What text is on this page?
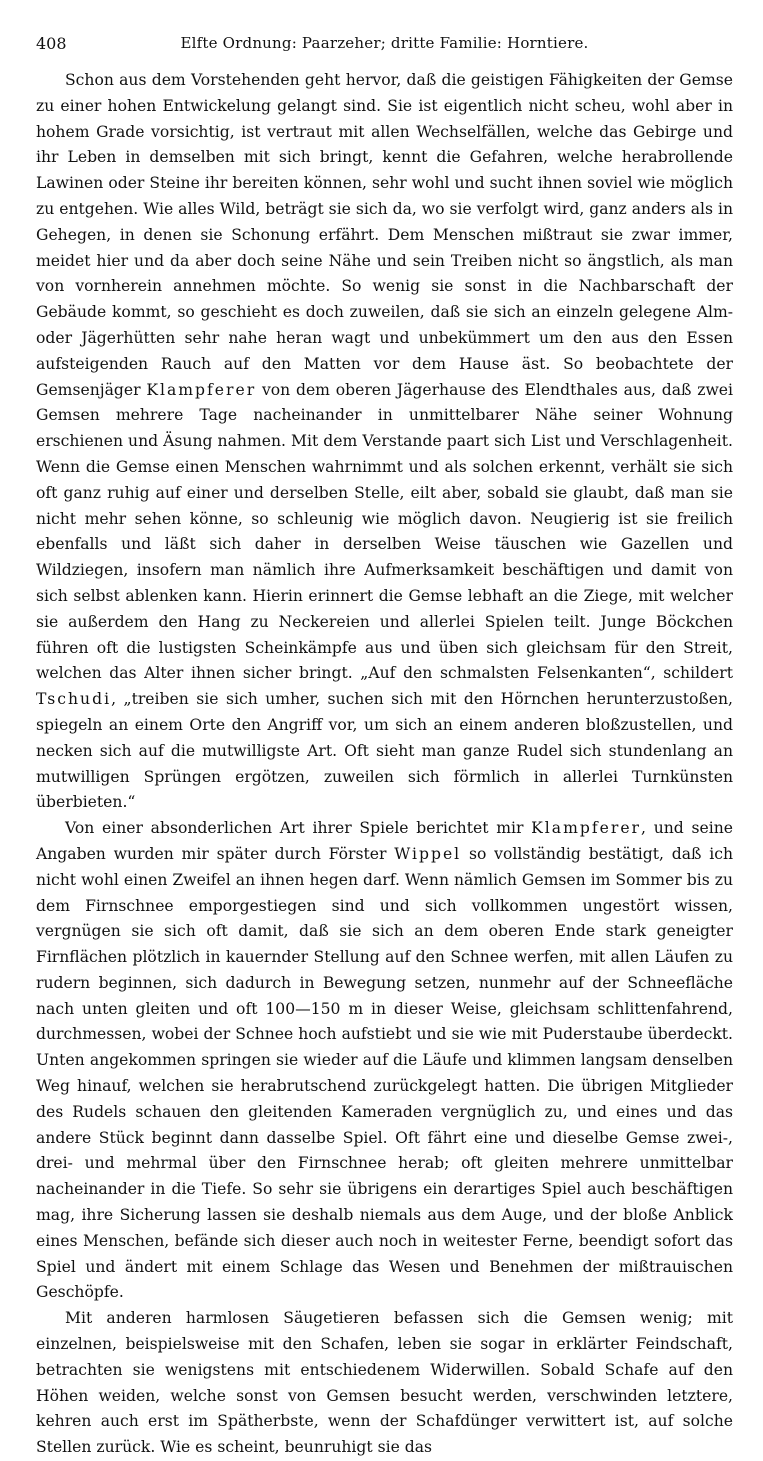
408	Elfte Ordnung: Paarzeher; dritte Familie: Horntiere.

Schon aus dem Vorstehenden geht hervor, daß die geistigen Fähigkeiten der Gemse zu einer hohen Entwickelung gelangt sind. Sie ist eigentlich nicht scheu, wohl aber in hohem Grade vorsichtig, ist vertraut mit allen Wechselfällen, welche das Gebirge und ihr Leben in demselben mit sich bringt, kennt die Gefahren, welche herabrollende Lawinen oder Steine ihr bereiten können, sehr wohl und sucht ihnen soviel wie möglich zu entgehen. Wie alles Wild, beträgt sie sich da, wo sie verfolgt wird, ganz anders als in Gehegen, in denen sie Schonung erfährt. Dem Menschen mißtraut sie zwar immer, meidet hier und da aber doch seine Nähe und sein Treiben nicht so ängstlich, als man von vornherein annehmen möchte. So wenig sie sonst in die Nachbarschaft der Gebäude kommt, so geschieht es doch zuweilen, daß sie sich an einzeln gelegene Alm- oder Jägerhütten sehr nahe heran wagt und unbekümmert um den aus den Essen aufsteigenden Rauch auf den Matten vor dem Hause äst. So beobachtete der Gemsenjäger Klampferer von dem oberen Jägerhause des Elendthales aus, daß zwei Gemsen mehrere Tage nacheinander in unmittelbarer Nähe seiner Wohnung erschienen und Äsung nahmen. Mit dem Verstande paart sich List und Verschlagenheit. Wenn die Gemse einen Menschen wahrnimmt und als solchen erkennt, verhält sie sich oft ganz ruhig auf einer und derselben Stelle, eilt aber, sobald sie glaubt, daß man sie nicht mehr sehen könne, so schleunig wie möglich davon. Neugierig ist sie freilich ebenfalls und läßt sich daher in derselben Weise täuschen wie Gazellen und Wildziegen, insofern man nämlich ihre Aufmerksamkeit beschäftigen und damit von sich selbst ablenken kann. Hierin erinnert die Gemse lebhaft an die Ziege, mit welcher sie außerdem den Hang zu Neckereien und allerlei Spielen teilt. Junge Böckchen führen oft die lustigsten Scheinkämpfe aus und üben sich gleichsam für den Streit, welchen das Alter ihnen sicher bringt. „Auf den schmalsten Felsenkanten“, schildert Tschudi, „treiben sie sich umher, suchen sich mit den Hörnchen herunterzustoßen, spiegeln an einem Orte den Angriff vor, um sich an einem anderen bloßzustellen, und necken sich auf die mutwilligste Art. Oft sieht man ganze Rudel sich stundenlang an mutwilligen Sprüngen ergötzen, zuweilen sich förmlich in allerlei Turnkünsten überbieten.“

Von einer absonderlichen Art ihrer Spiele berichtet mir Klampferer, und seine Angaben wurden mir später durch Förster Wippel so vollständig bestätigt, daß ich nicht wohl einen Zweifel an ihnen hegen darf. Wenn nämlich Gemsen im Sommer bis zu dem Firnschnee emporgestiegen sind und sich vollkommen ungestört wissen, vergnügen sie sich oft damit, daß sie sich an dem oberen Ende stark geneigter Firnflächen plötzlich in kauernder Stellung auf den Schnee werfen, mit allen Läufen zu rudern beginnen, sich dadurch in Bewegung setzen, nunmehr auf der Schneefläche nach unten gleiten und oft 100—150 m in dieser Weise, gleichsam schlittenfahrend, durchmessen, wobei der Schnee hoch aufstiebt und sie wie mit Puderstaube überdeckt. Unten angekommen springen sie wieder auf die Läufe und klimmen langsam denselben Weg hinauf, welchen sie herabrutschend zurückgelegt hatten. Die übrigen Mitglieder des Rudels schauen den gleitenden Kameraden vergnüglich zu, und eines und das andere Stück beginnt dann dasselbe Spiel. Oft fährt eine und dieselbe Gemse zwei-, drei- und mehrmal über den Firnschnee herab; oft gleiten mehrere unmittelbar nacheinander in die Tiefe. So sehr sie übrigens ein derartiges Spiel auch beschäftigen mag, ihre Sicherung lassen sie deshalb niemals aus dem Auge, und der bloße Anblick eines Menschen, befände sich dieser auch noch in weitester Ferne, beendigt sofort das Spiel und ändert mit einem Schlage das Wesen und Benehmen der mißtrauischen Geschöpfe.

Mit anderen harmlosen Säugetieren befassen sich die Gemsen wenig; mit einzelnen, beispielsweise mit den Schafen, leben sie sogar in erklärter Feindschaft, betrachten sie wenigstens mit entschiedenem Widerwillen. Sobald Schafe auf den Höhen weiden, welche sonst von Gemsen besucht werden, verschwinden letztere, kehren auch erst im Spätherbste, wenn der Schafdünger verwittert ist, auf solche Stellen zurück. Wie es scheint, beunruhigt sie das
